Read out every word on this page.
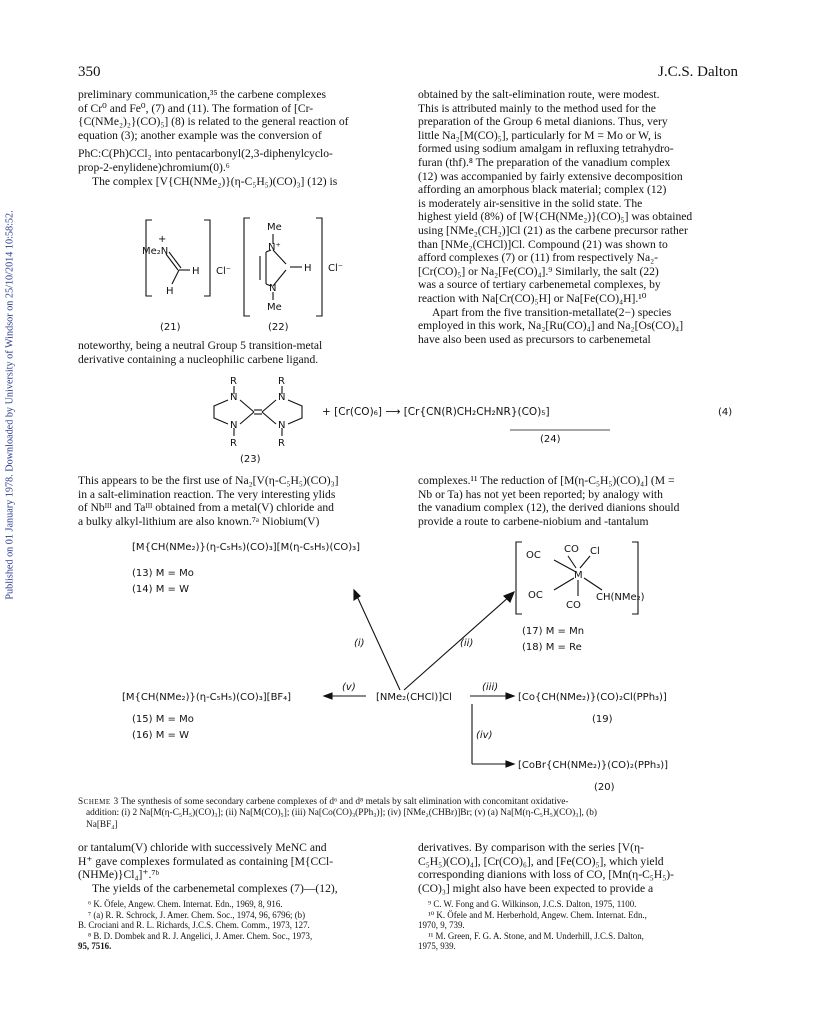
350	J.C.S. Dalton
Published on 01 January 1978. Downloaded by University of Windsor on 25/10/2014 10:58:52.
preliminary communication,³⁵ the carbene complexes
of Cr⁰ and Fe⁰, (7) and (11). The formation of [Cr-
{C(NMe₂)₂}(CO)₅] (8) is related to the general reaction of
equation (3); another example was the conversion of
PhC:C(Ph)CCl₂ into pentacarbonyl(2,3-diphenylcyclo-
prop-2-enylidene)chromium(0).⁶
The complex [V{CH(NMe₂)}(η-C₅H₅)(CO)₃] (12) is
+
Me₂N
H
H
Cl⁻
Me
N⁺
N
Me
H Cl⁻
(21)	(22)
noteworthy, being a neutral Group 5 transition-metal
derivative containing a nucleophilic carbene ligand.
obtained by the salt-elimination route, were modest.
This is attributed mainly to the method used for the
preparation of the Group 6 metal dianions. Thus, very
little Na₂[M(CO)₅], particularly for M = Mo or W, is
formed using sodium amalgam in refluxing tetrahydro-
furan (thf).⁸ The preparation of the vanadium complex
(12) was accompanied by fairly extensive decomposition
affording an amorphous black material; complex (12)
is moderately air-sensitive in the solid state. The
highest yield (8%) of [W{CH(NMe₂)}(CO)₅] was obtained
using [NMe₂(CH₂)]Cl (21) as the carbene precursor rather
than [NMe₂(CHCl)]Cl. Compound (21) was shown to
afford complexes (7) or (11) from respectively Na₂-
[Cr(CO)₅] or Na₂[Fe(CO)₄].⁹ Similarly, the salt (22)
was a source of tertiary carbenemetal complexes, by
reaction with Na[Cr(CO)₅H] or Na[Fe(CO)₄H].¹⁰
Apart from the five transition-metallate(2−) species
employed in this work, Na₂[Ru(CO)₄] and Na₂[Os(CO)₄]
have also been used as precursors to carbenemetal
R	R
N	N
N	N
R	R
+ [Cr(CO)₆] ⟶ [Cr{CN(R)CH₂CH₂NR}(CO)₅]	(4)
(23)
(24)
This appears to be the first use of Na₂[V(η-C₅H₅)(CO)₃]
in a salt-elimination reaction. The very interesting ylids
of Nbᴵᴵᴵ and Taᴵᴵᴵ obtained from a metal(V) chloride and
a bulky alkyl-lithium are also known.⁷ᵃ Niobium(V)
complexes.¹¹ The reduction of [M(η-C₅H₅)(CO)₄] (M =
Nb or Ta) has not yet been reported; by analogy with
the vanadium complex (12), the derived dianions should
provide a route to carbene-niobium and -tantalum
[M{CH(NMe₂)}(η-C₅H₅)(CO)₃][M(η-C₅H₅)(CO)₃]
(13) M = Mo
(14) M = W
OC
CO Cl
M
OC
CO
CH(NMe₂)
(17) M = Mn
(18) M = Re
(i)	(ii)
(iii)
(v)
(iv)
[M{CH(NMe₂)}(η-C₅H₅)(CO)₃][BF₄]
(15) M = Mo
(16) M = W
[NMe₂(CHCl)]Cl	[Co{CH(NMe₂)}(CO)₂Cl(PPh₃)]
(19)
[CoBr{CH(NMe₂)}(CO)₂(PPh₃)]
(20)
Scheme 3 The synthesis of some secondary carbene complexes of d⁶ and d⁸ metals by salt elimination with concomitant oxidative-
addition: (i) 2 Na[M(η-C₅H₅)(CO)₃]; (ii) Na[M(CO)₅]; (iii) Na[Co(CO)₃(PPh₃)]; (iv) [NMe₂(CHBr)]Br; (v) (a) Na[M(η-C₅H₅)(CO)₃], (b)
Na[BF₄]
or tantalum(V) chloride with successively MeNC and
H⁺ gave complexes formulated as containing [M{CCl-
(NHMe)}Cl₄]⁺.⁷ᵇ
The yields of the carbenemetal complexes (7)—(12),
derivatives. By comparison with the series [V(η-
C₅H₅)(CO)₄], [Cr(CO)₆], and [Fe(CO)₅], which yield
corresponding dianions with loss of CO, [Mn(η-C₅H₅)-
(CO)₃] might also have been expected to provide a
⁶ K. Öfele, Angew. Chem. Internat. Edn., 1969, 8, 916.
⁷ (a) R. R. Schrock, J. Amer. Chem. Soc., 1974, 96, 6796; (b)
B. Crociani and R. L. Richards, J.C.S. Chem. Comm., 1973, 127.
⁸ B. D. Dombek and R. J. Angelici, J. Amer. Chem. Soc., 1973,
95, 7516.
⁹ C. W. Fong and G. Wilkinson, J.C.S. Dalton, 1975, 1100.
¹⁰ K. Öfele and M. Herberhold, Angew. Chem. Internat. Edn.,
1970, 9, 739.
¹¹ M. Green, F. G. A. Stone, and M. Underhill, J.C.S. Dalton,
1975, 939.
